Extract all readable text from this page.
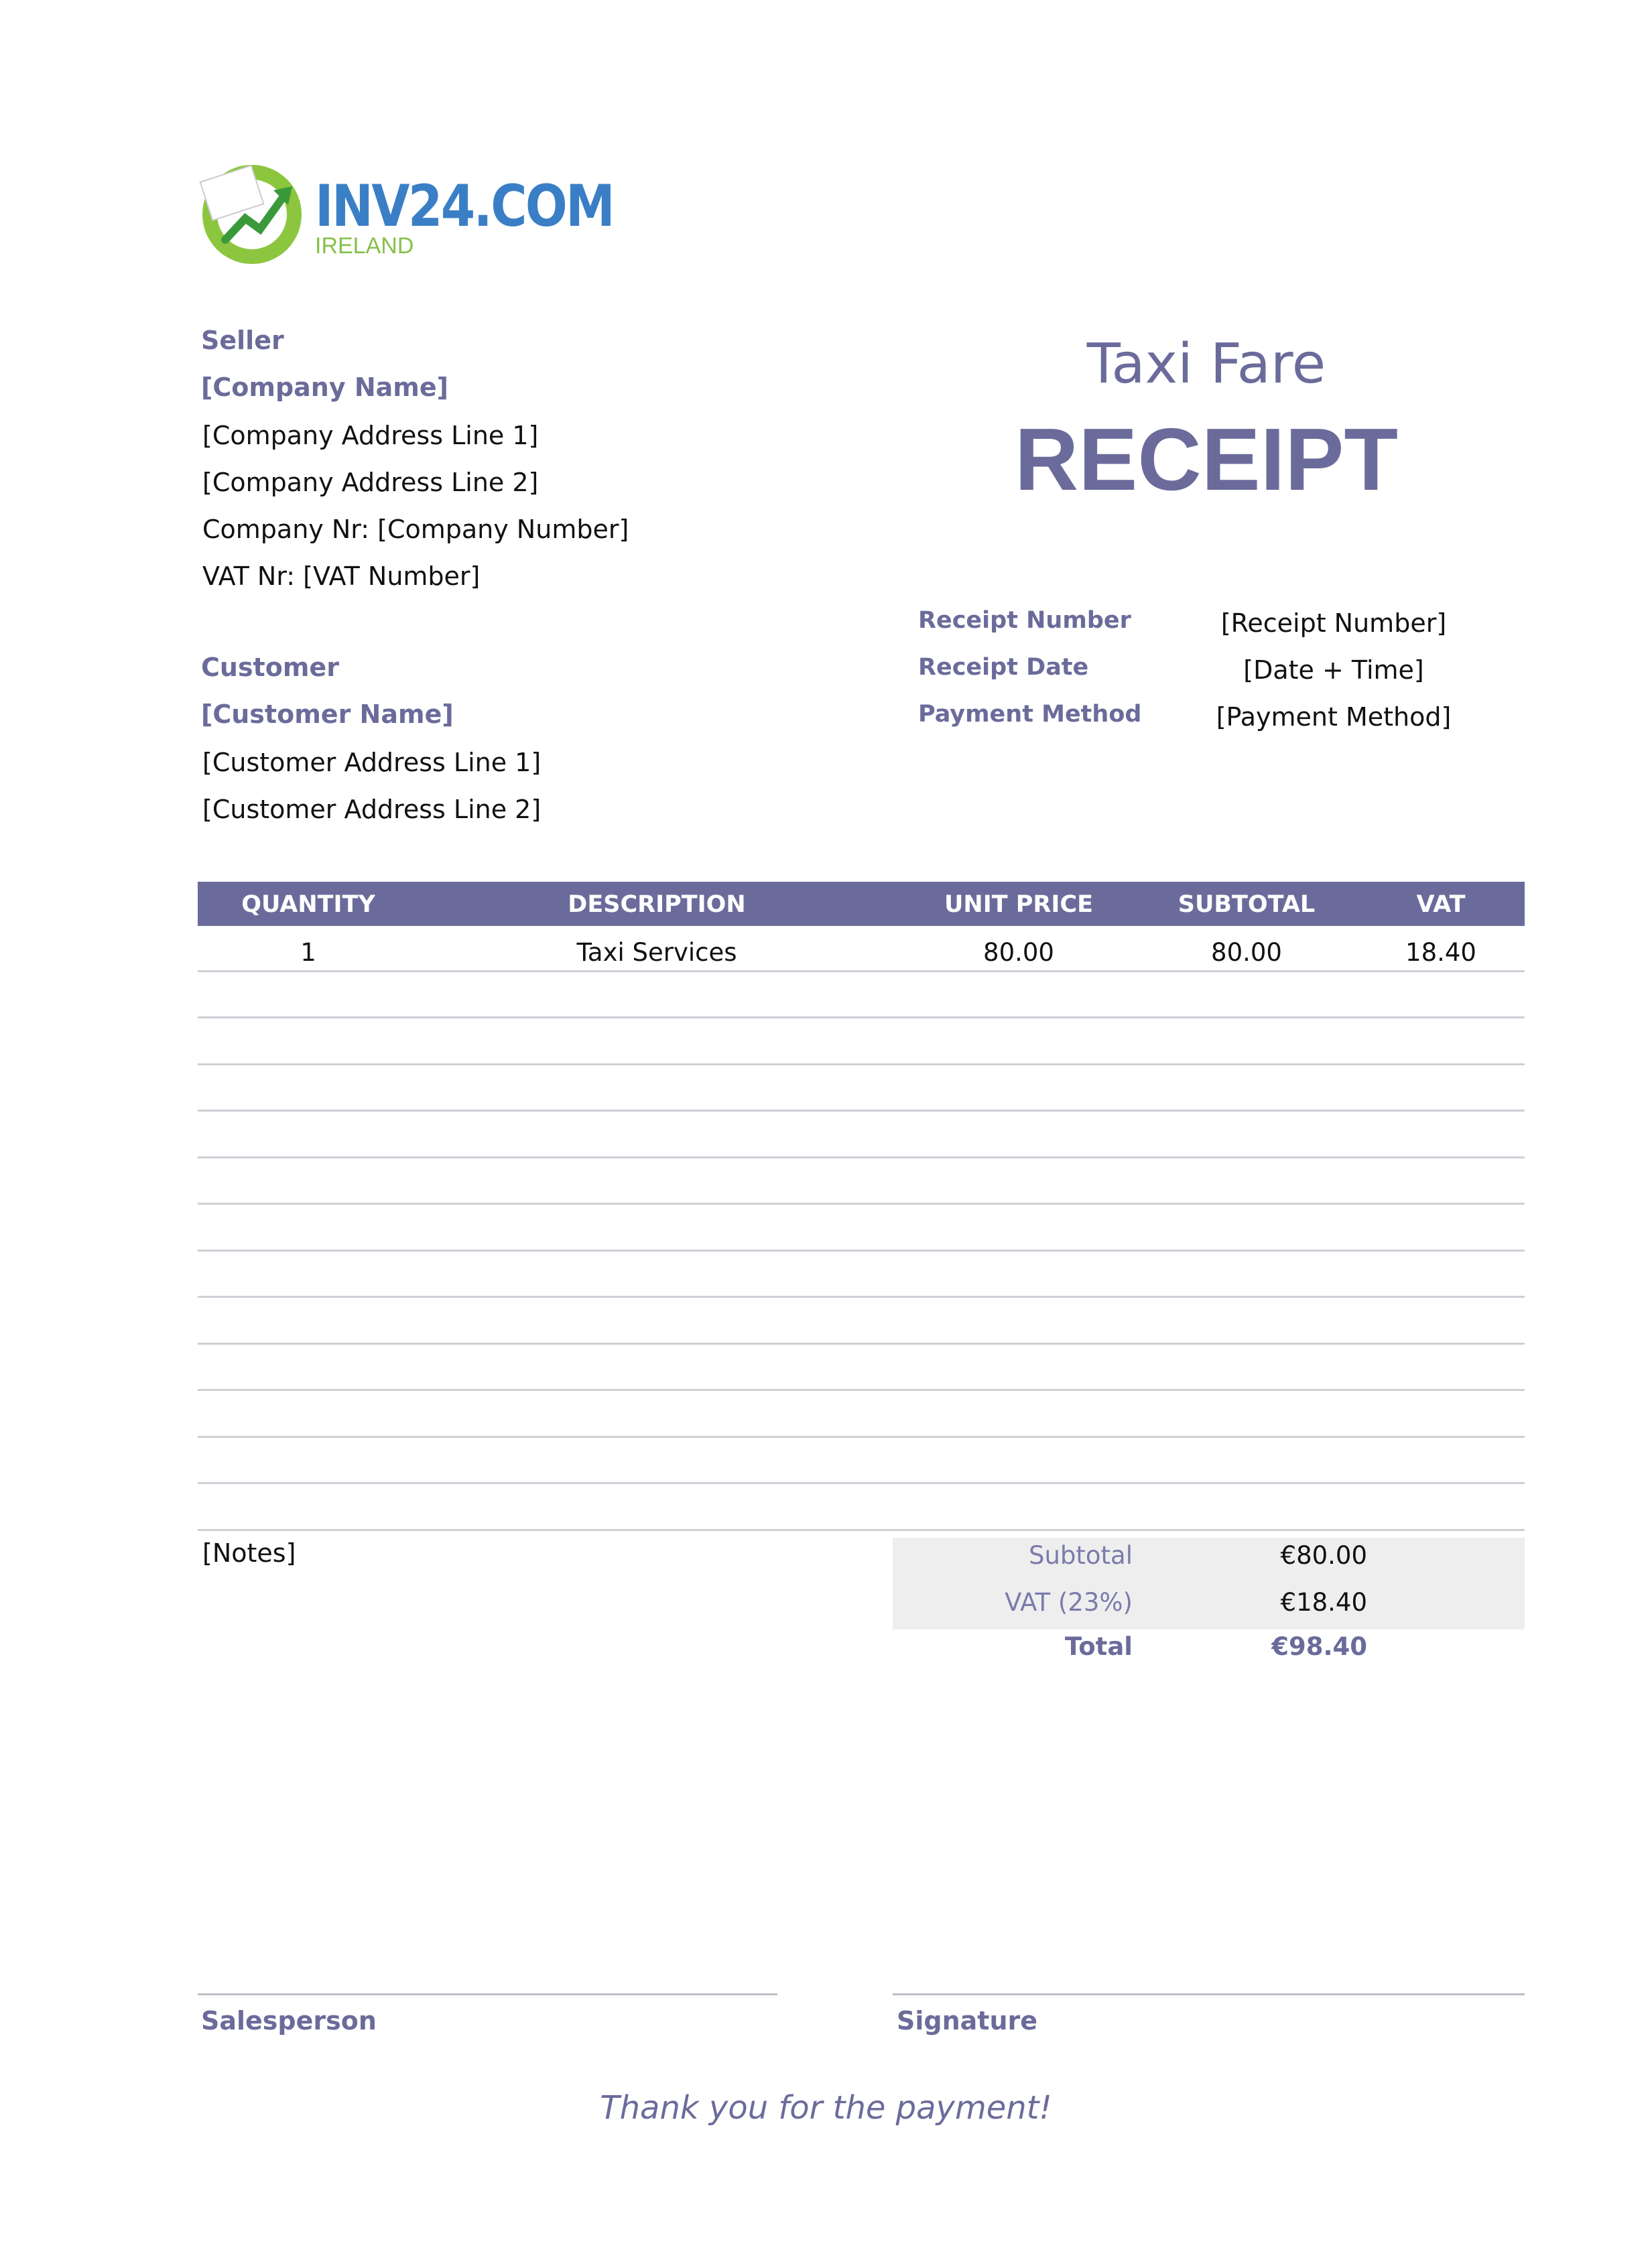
INV24.COM
IRELAND
Seller
[Company Name]
[Company Address Line 1]
[Company Address Line 2]
Company Nr: [Company Number]
VAT Nr: [VAT Number]
Customer
[Customer Name]
[Customer Address Line 1]
[Customer Address Line 2]
Taxi Fare
RECEIPT
Receipt Number	[Receipt Number]
Receipt Date	[Date + Time]
Payment Method	[Payment Method]
QUANTITY	DESCRIPTION	UNIT PRICE	SUBTOTAL	VAT
1	Taxi Services	80.00	80.00	18.40
[Notes]	Subtotal	€80.00
VAT (23%)	€18.40
Total	€98.40
Salesperson	Signature
Thank you for the payment!
